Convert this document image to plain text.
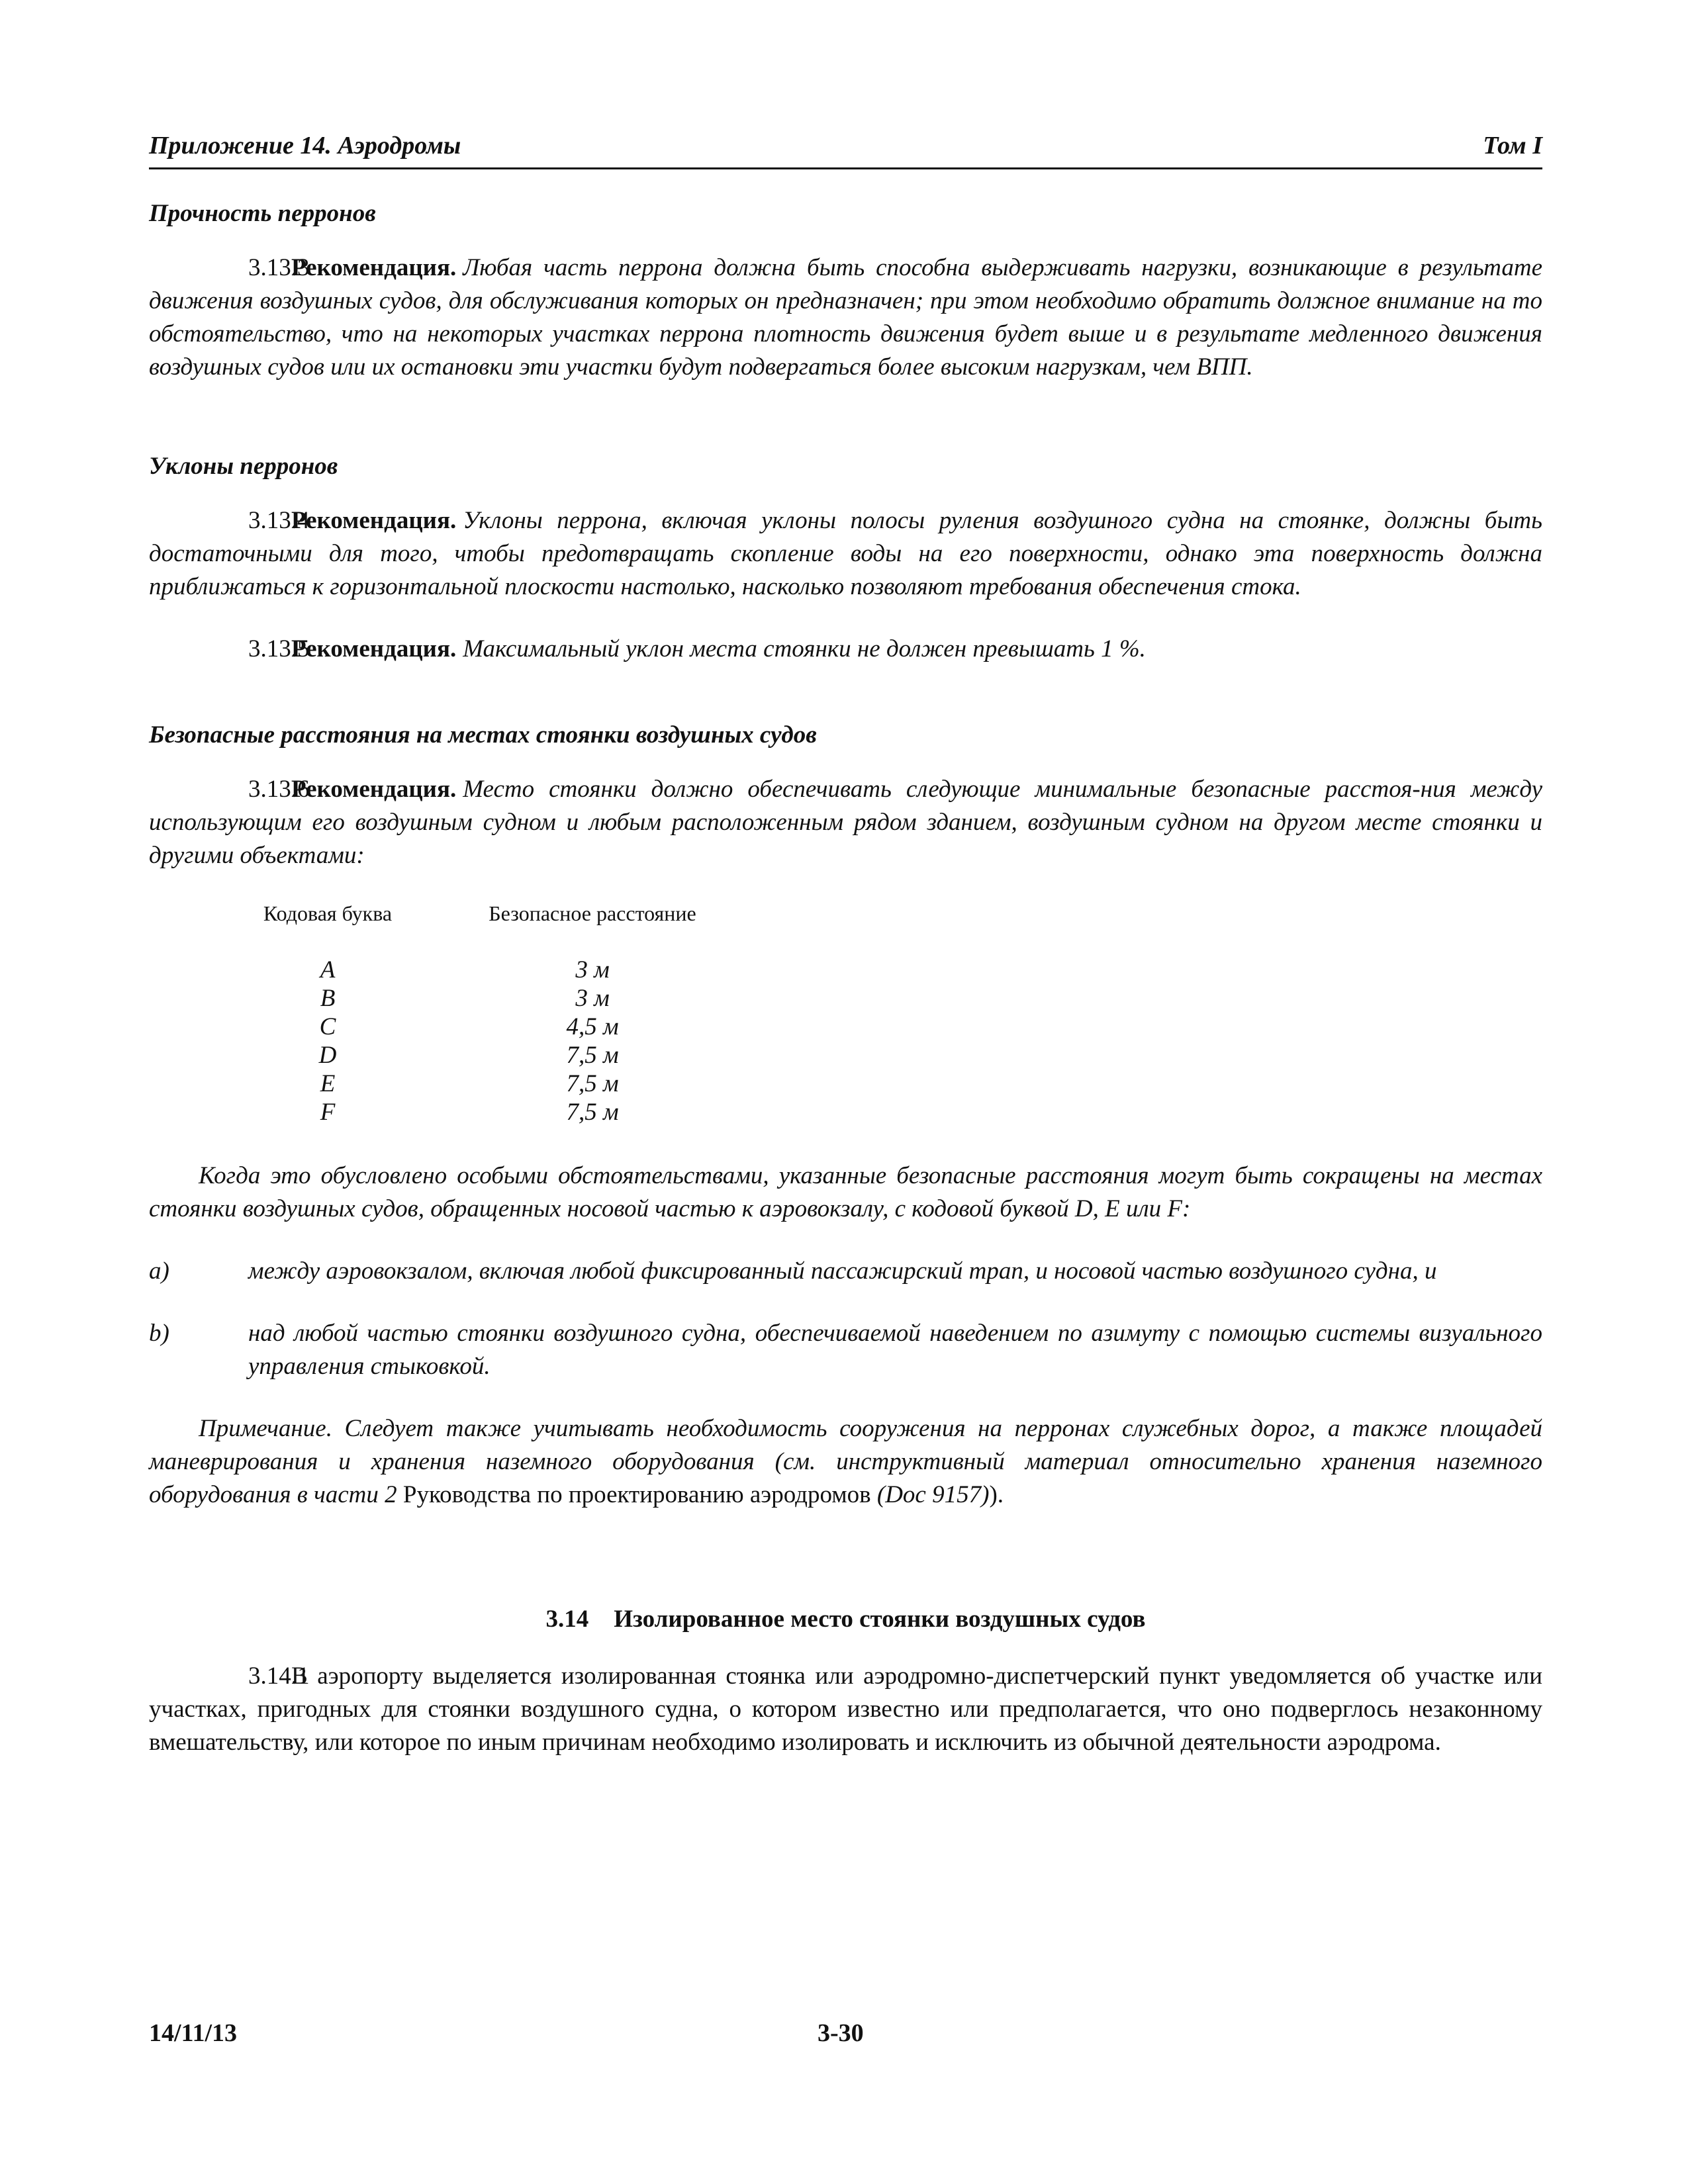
Приложение 14. Аэродромы	Том I

Прочность перронов

3.13.3Рекомендация. Любая часть перрона должна быть способна выдерживать нагрузки, возникающие в результате движения воздушных судов, для обслуживания которых он предназначен; при этом необходимо обратить должное внимание на то обстоятельство, что на некоторых участках перрона плотность движения будет выше и в результате медленного движения воздушных судов или их остановки эти участки будут подвергаться более высоким нагрузкам, чем ВПП.

Уклоны перронов

3.13.4Рекомендация. Уклоны перрона, включая уклоны полосы руления воздушного судна на стоянке, должны быть достаточными для того, чтобы предотвращать скопление воды на его поверхности, однако эта поверхность должна приближаться к горизонтальной плоскости настолько, насколько позволяют требования обеспечения стока.

3.13.5Рекомендация. Максимальный уклон места стоянки не должен превышать 1 %.

Безопасные расстояния на местах стоянки воздушных судов

3.13.6Рекомендация. Место стоянки должно обеспечивать следующие минимальные безопасные расстоя-ния между использующим его воздушным судном и любым расположенным рядом зданием, воздушным судном на другом месте стоянки и другими объектами:

Кодовая буква	Безопасное расстояние
A	3 м
B	3 м
C	4,5 м
D	7,5 м
E	7,5 м
F	7,5 м

Когда это обусловлено особыми обстоятельствами, указанные безопасные расстояния могут быть сокращены на местах стоянки воздушных судов, обращенных носовой частью к аэровокзалу, с кодовой буквой D, E или F:

a)	между аэровокзалом, включая любой фиксированный пассажирский трап, и носовой частью воздушного судна, и
b)	над любой частью стоянки воздушного судна, обеспечиваемой наведением по азимуту с помощью системы визуального управления стыковкой.

Примечание. Следует также учитывать необходимость сооружения на перронах служебных дорог, а также площадей маневрирования и хранения наземного оборудования (см. инструктивный материал относительно хранения наземного оборудования в части 2 Руководства по проектированию аэродромов (Doc 9157)).

3.14 Изолированное место стоянки воздушных судов

3.14.1В аэропорту выделяется изолированная стоянка или аэродромно-диспетчерский пункт уведомляется об участке или участках, пригодных для стоянки воздушного судна, о котором известно или предполагается, что оно подверглось незаконному вмешательству, или которое по иным причинам необходимо изолировать и исключить из обычной деятельности аэродрома.

14/11/13	3-30
